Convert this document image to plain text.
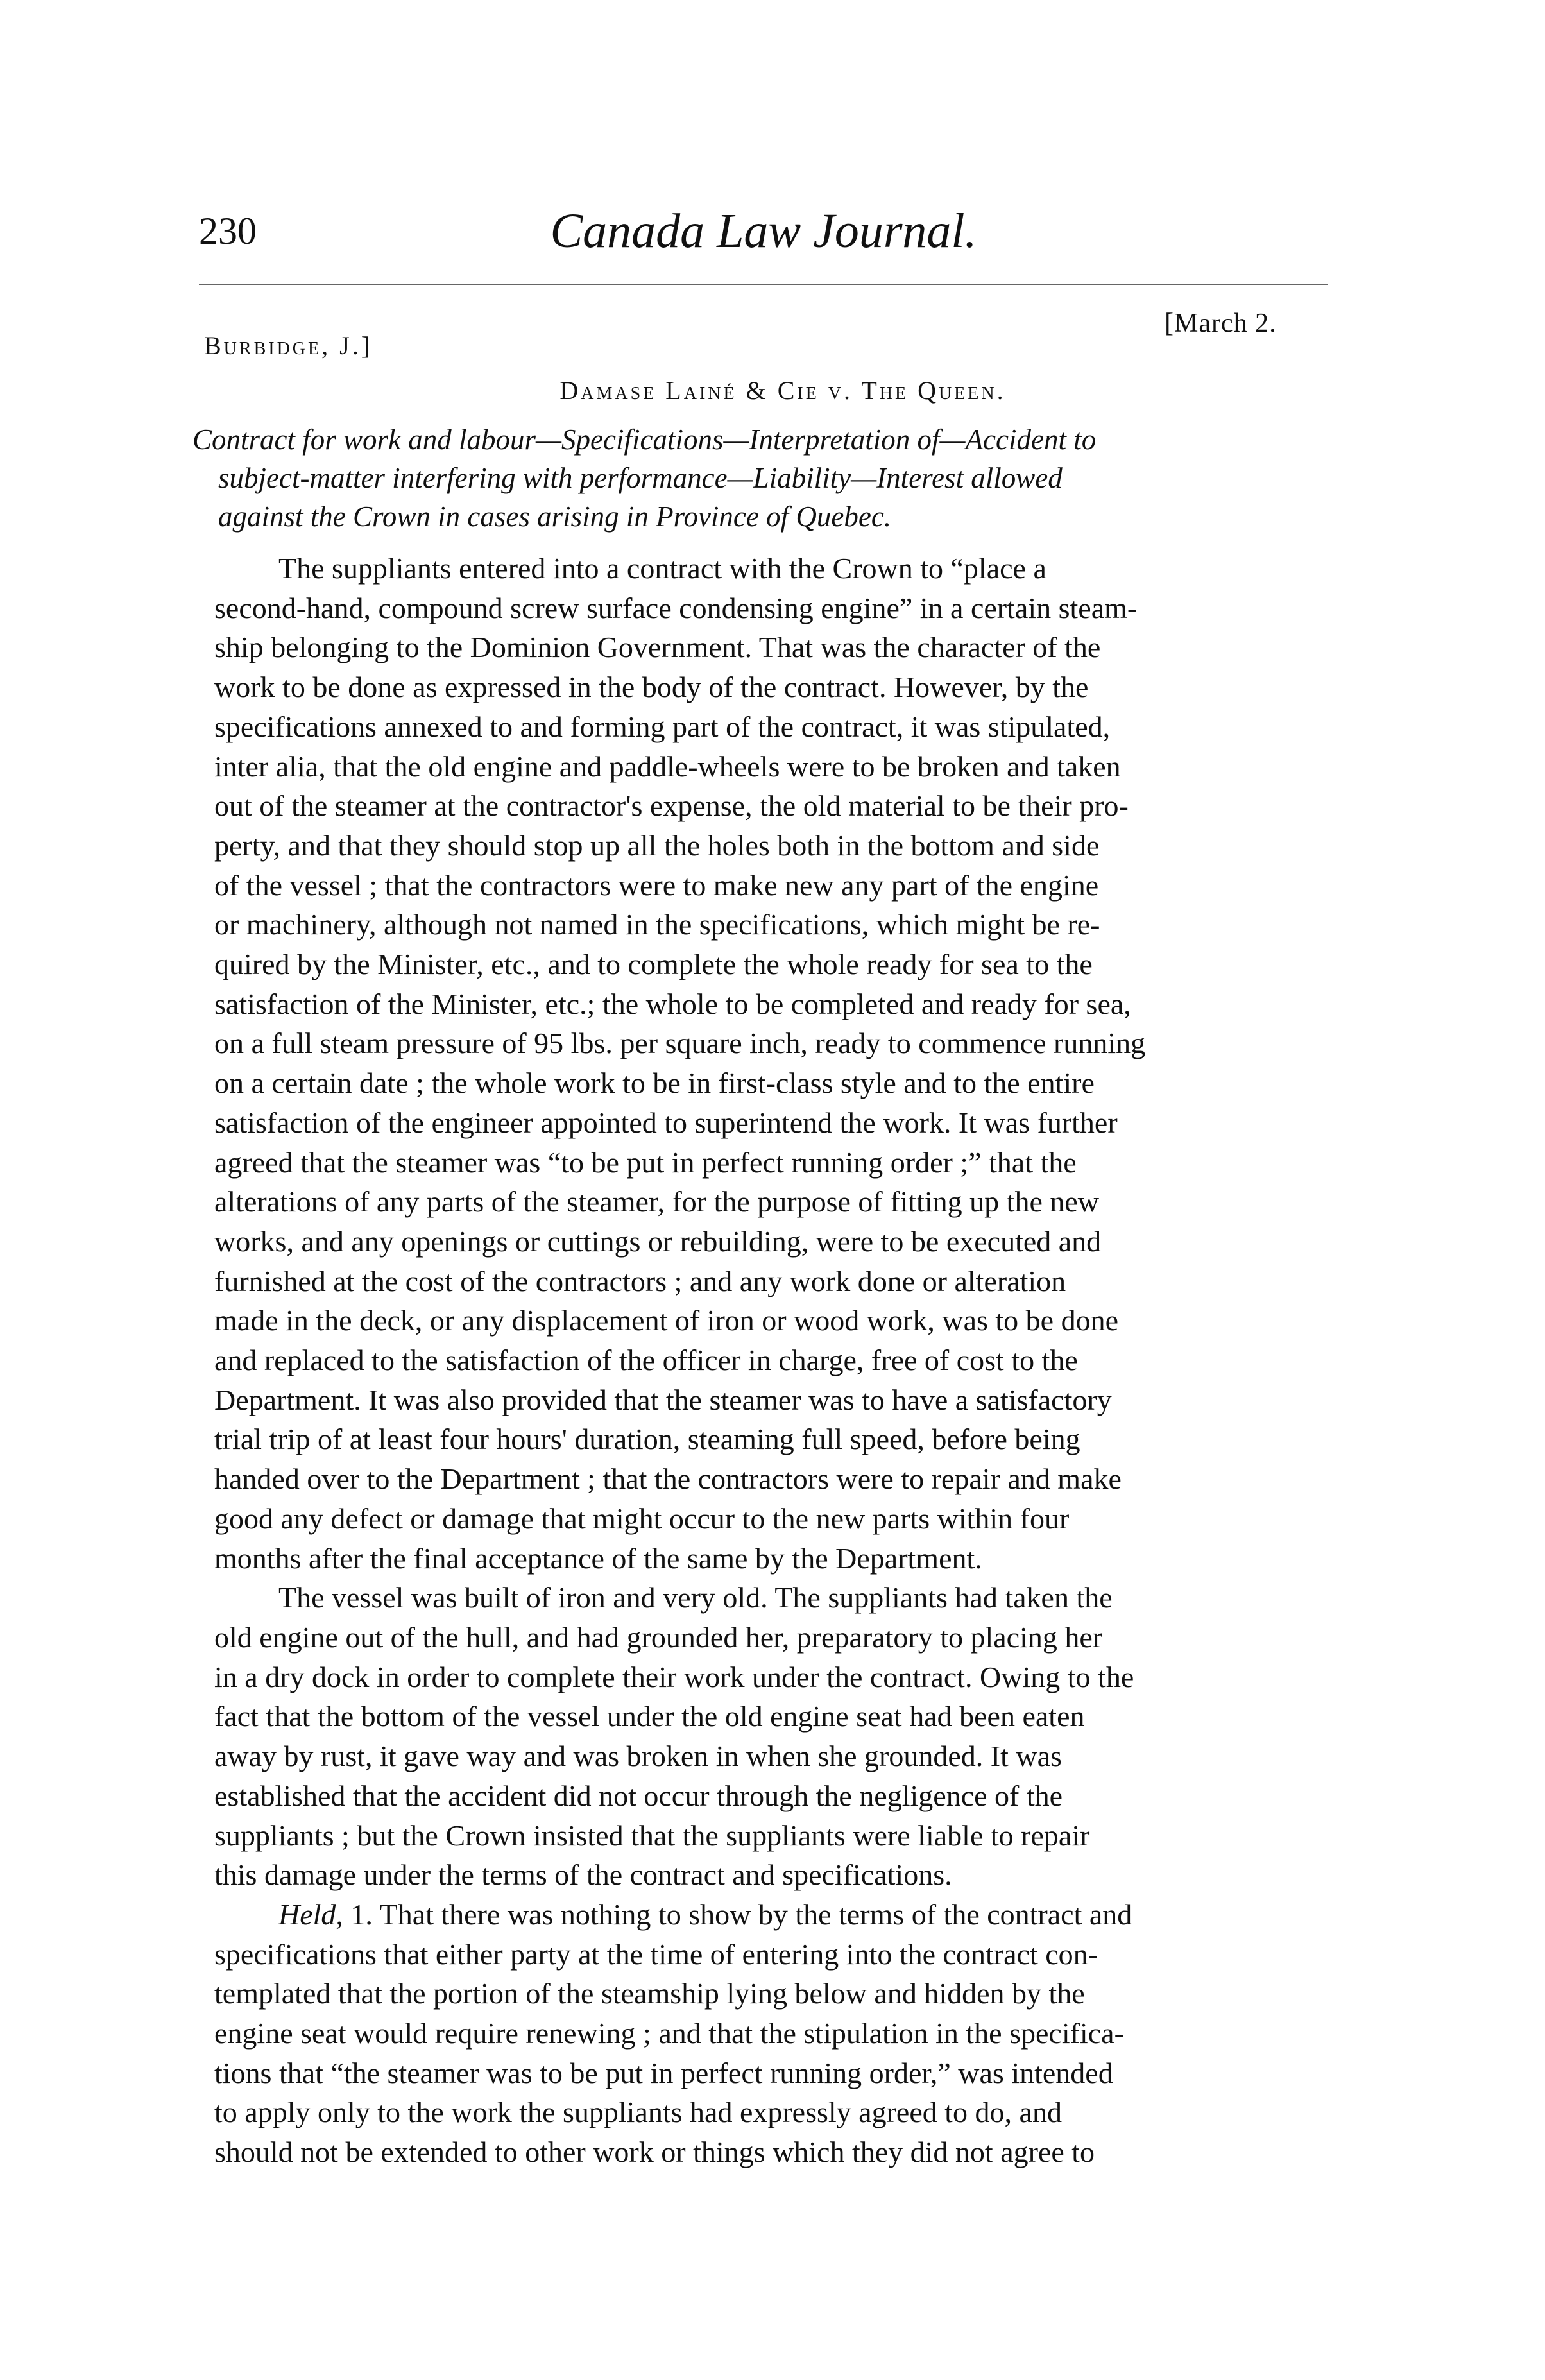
230	Canada Law Journal.
Burbidge, J.]
[March 2.
Damase Lainé & Cie v. The Queen.
Contract for work and labour—Specifications—Interpretation of—Accident to
subject-matter interfering with performance—Liability—Interest allowed
against the Crown in cases arising in Province of Quebec.
The suppliants entered into a contract with the Crown to “place a
second-hand, compound screw surface condensing engine” in a certain steam-
ship belonging to the Dominion Government. That was the character of the
work to be done as expressed in the body of the contract. However, by the
specifications annexed to and forming part of the contract, it was stipulated,
inter alia, that the old engine and paddle-wheels were to be broken and taken
out of the steamer at the contractor's expense, the old material to be their pro-
perty, and that they should stop up all the holes both in the bottom and side
of the vessel ; that the contractors were to make new any part of the engine
or machinery, although not named in the specifications, which might be re-
quired by the Minister, etc., and to complete the whole ready for sea to the
satisfaction of the Minister, etc.; the whole to be completed and ready for sea,
on a full steam pressure of 95 lbs. per square inch, ready to commence running
on a certain date ; the whole work to be in first-class style and to the entire
satisfaction of the engineer appointed to superintend the work. It was further
agreed that the steamer was “to be put in perfect running order ;” that the
alterations of any parts of the steamer, for the purpose of fitting up the new
works, and any openings or cuttings or rebuilding, were to be executed and
furnished at the cost of the contractors ; and any work done or alteration
made in the deck, or any displacement of iron or wood work, was to be done
and replaced to the satisfaction of the officer in charge, free of cost to the
Department. It was also provided that the steamer was to have a satisfactory
trial trip of at least four hours' duration, steaming full speed, before being
handed over to the Department ; that the contractors were to repair and make
good any defect or damage that might occur to the new parts within four
months after the final acceptance of the same by the Department.
The vessel was built of iron and very old. The suppliants had taken the
old engine out of the hull, and had grounded her, preparatory to placing her
in a dry dock in order to complete their work under the contract. Owing to the
fact that the bottom of the vessel under the old engine seat had been eaten
away by rust, it gave way and was broken in when she grounded. It was
established that the accident did not occur through the negligence of the
suppliants ; but the Crown insisted that the suppliants were liable to repair
this damage under the terms of the contract and specifications.
Held, 1. That there was nothing to show by the terms of the contract and
specifications that either party at the time of entering into the contract con-
templated that the portion of the steamship lying below and hidden by the
engine seat would require renewing ; and that the stipulation in the specifica-
tions that “the steamer was to be put in perfect running order,” was intended
to apply only to the work the suppliants had expressly agreed to do, and
should not be extended to other work or things which they did not agree to
